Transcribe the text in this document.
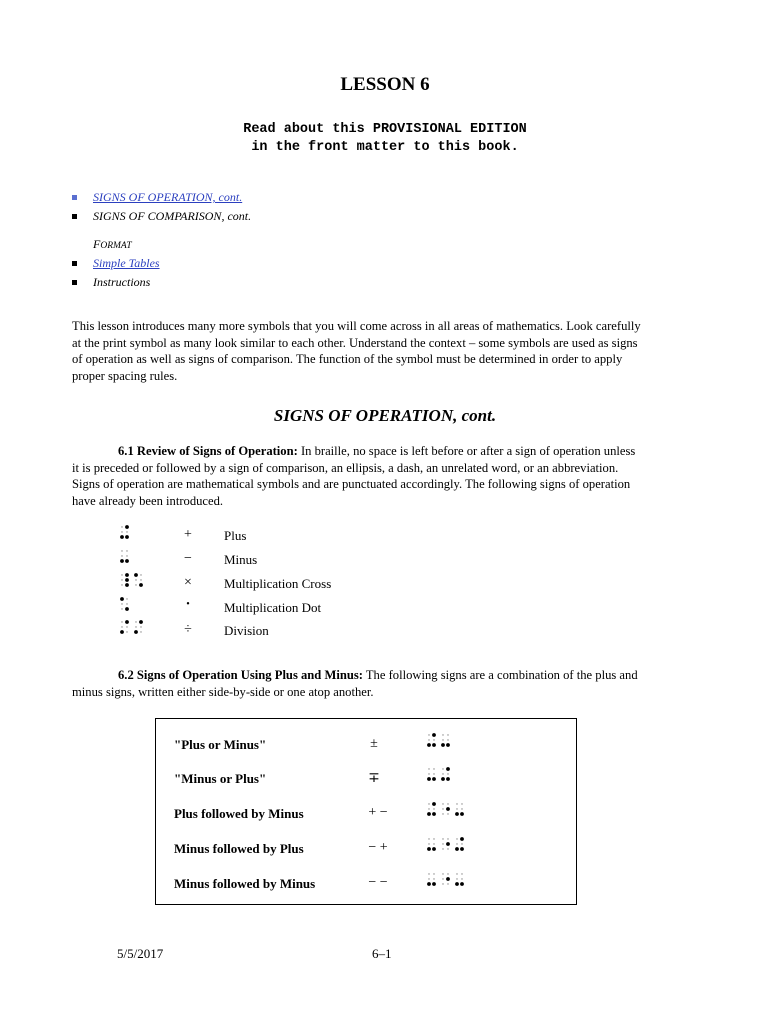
LESSON 6
Read about this PROVISIONAL EDITION
in the front matter to this book.
SIGNS OF OPERATION, cont.
SIGNS OF COMPARISON, cont.
FORMAT
Simple Tables
Instructions
This lesson introduces many more symbols that you will come across in all areas of mathematics. Look carefully
at the print symbol as many look similar to each other. Understand the context – some symbols are used as signs
of operation as well as signs of comparison. The function of the symbol must be determined in order to apply
proper spacing rules.
SIGNS OF OPERATION, cont.
6.1 Review of Signs of Operation: In braille, no space is left before or after a sign of operation unless
it is preceded or followed by a sign of comparison, an ellipsis, a dash, an unrelated word, or an abbreviation.
Signs of operation are mathematical symbols and are punctuated accordingly. The following signs of operation
have already been introduced.
+	Plus
−	Minus
×	Multiplication Cross
•	Multiplication Dot
÷	Division
6.2 Signs of Operation Using Plus and Minus: The following signs are a combination of the plus and
minus signs, written either side-by-side or one atop another.
"Plus or Minus"	±
"Minus or Plus"	∓
Plus followed by Minus	+ −
Minus followed by Plus	− +
Minus followed by Minus	− −
5/5/2017	6–1
